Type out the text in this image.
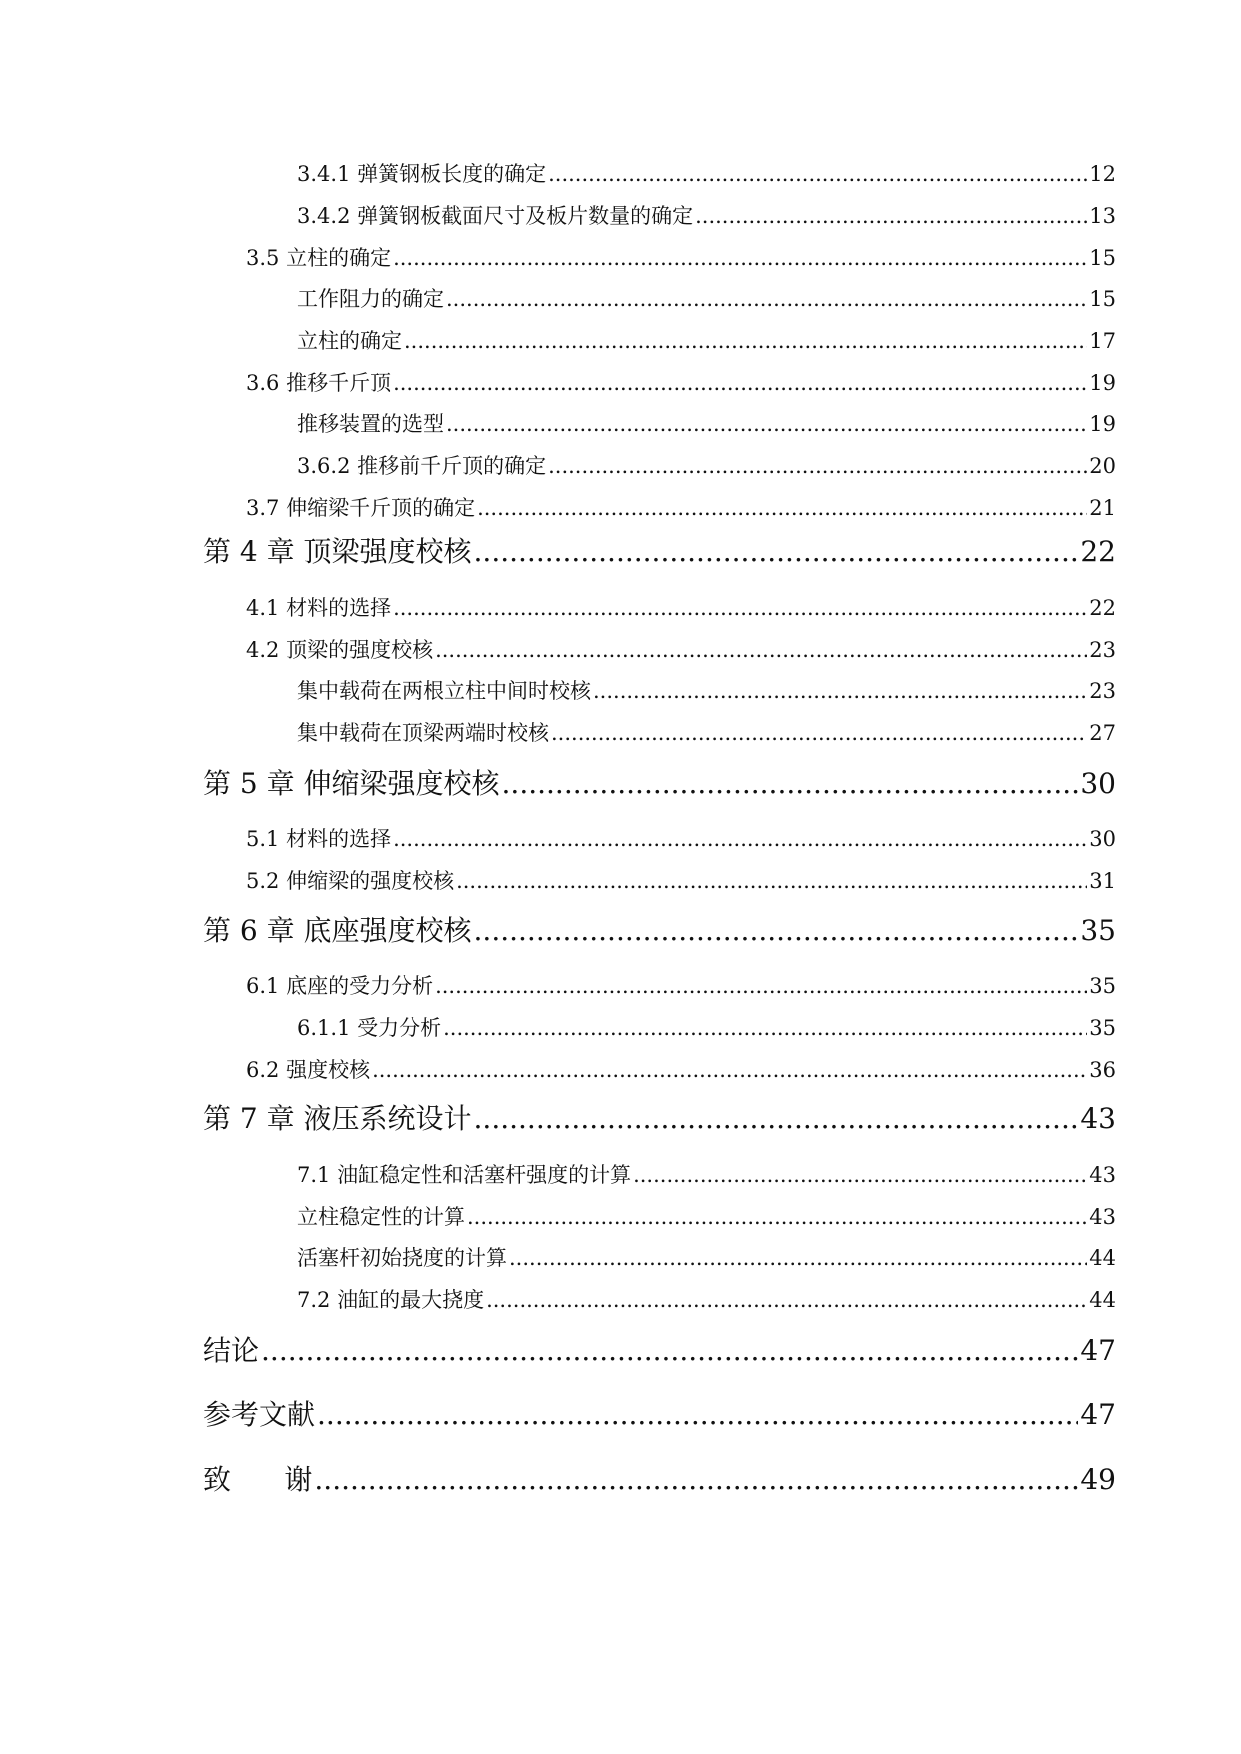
3.4.1 弹簧钢板长度的确定 .....	12
3.4.2 弹簧钢板截面尺寸及板片数量的确定 .....	13
3.5 立柱的确定 .....	15
工作阻力的确定 .....	15
立柱的确定 .....	17
3.6 推移千斤顶 .....	19
推移装置的选型 .....	19
3.6.2 推移前千斤顶的确定 .....	20
3.7 伸缩梁千斤顶的确定 .....	21
第 4 章 顶梁强度校核 .....	22
4.1 材料的选择 .....	22
4.2 顶梁的强度校核 .....	23
集中载荷在两根立柱中间时校核 .....	23
集中载荷在顶梁两端时校核 .....	27
第 5 章 伸缩梁强度校核 .....	30
5.1 材料的选择 .....	30
5.2 伸缩梁的强度校核 .....	31
第 6 章 底座强度校核 .....	35
6.1 底座的受力分析 .....	35
6.1.1 受力分析 .....	35
6.2 强度校核 .....	36
第 7 章 液压系统设计 .....	43
7.1 油缸稳定性和活塞杆强度的计算 .....	43
立柱稳定性的计算 .....	43
活塞杆初始挠度的计算 .....	44
7.2 油缸的最大挠度 .....	44
结论 .....	47
参考文献 .....	47
致      谢 .....	49
